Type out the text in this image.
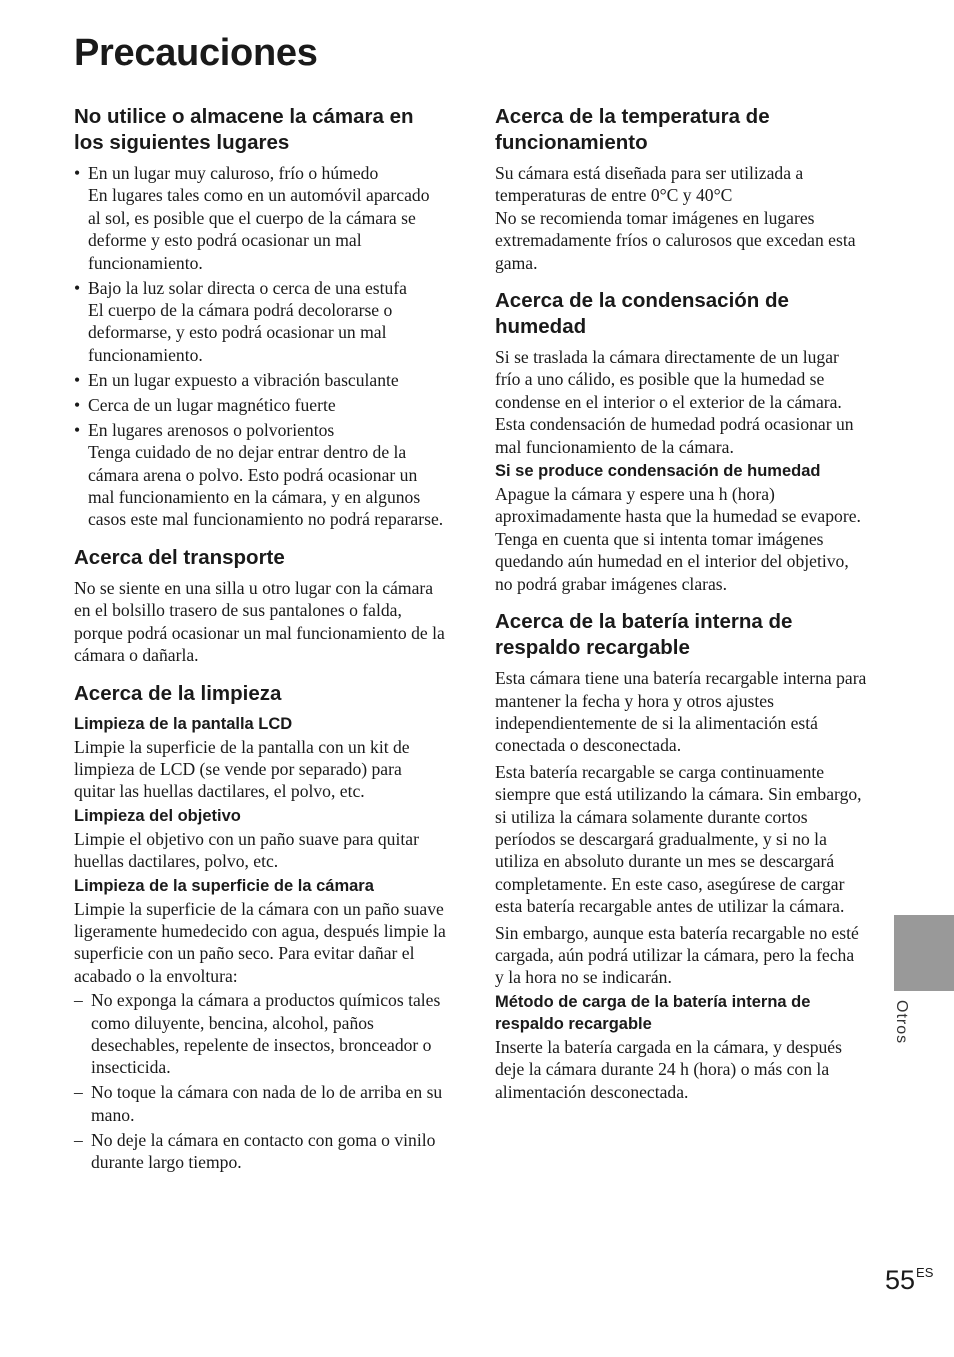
Precauciones
No utilice o almacene la cámara en los siguientes lugares
• En un lugar muy caluroso, frío o húmedo
En lugares tales como en un automóvil aparcado al sol, es posible que el cuerpo de la cámara se deforme y esto podrá ocasionar un mal funcionamiento.
• Bajo la luz solar directa o cerca de una estufa
El cuerpo de la cámara podrá decolorarse o deformarse, y esto podrá ocasionar un mal funcionamiento.
• En un lugar expuesto a vibración basculante
• Cerca de un lugar magnético fuerte
• En lugares arenosos o polvorientos
Tenga cuidado de no dejar entrar dentro de la cámara arena o polvo. Esto podrá ocasionar un mal funcionamiento en la cámara, y en algunos casos este mal funcionamiento no podrá repararse.
Acerca del transporte

No se siente en una silla u otro lugar con la cámara en el bolsillo trasero de sus pantalones o falda, porque podrá ocasionar un mal funcionamiento de la cámara o dañarla.

Acerca de la limpieza
Limpieza de la pantalla LCD

Limpie la superficie de la pantalla con un kit de limpieza de LCD (se vende por separado) para quitar las huellas dactilares, el polvo, etc.

Limpieza del objetivo

Limpie el objetivo con un paño suave para quitar huellas dactilares, polvo, etc.

Limpieza de la superficie de la cámara

Limpie la superficie de la cámara con un paño suave ligeramente humedecido con agua, después limpie la superficie con un paño seco. Para evitar dañar el acabado o la envoltura:

– No exponga la cámara a productos químicos tales como diluyente, bencina, alcohol, paños desechables, repelente de insectos, bronceador o insecticida.
– No toque la cámara con nada de lo de arriba en su mano.
– No deje la cámara en contacto con goma o vinilo durante largo tiempo.
Acerca de la temperatura de funcionamiento

Su cámara está diseñada para ser utilizada a temperaturas de entre 0°C y 40°C
No se recomienda tomar imágenes en lugares extremadamente fríos o calurosos que excedan esta gama.

Acerca de la condensación de humedad

Si se traslada la cámara directamente de un lugar frío a uno cálido, es posible que la humedad se condense en el interior o el exterior de la cámara. Esta condensación de humedad podrá ocasionar un mal funcionamiento de la cámara.

Si se produce condensación de humedad

Apague la cámara y espere una h (hora) aproximadamente hasta que la humedad se evapore. Tenga en cuenta que si intenta tomar imágenes quedando aún humedad en el interior del objetivo, no podrá grabar imágenes claras.

Acerca de la batería interna de respaldo recargable

Esta cámara tiene una batería recargable interna para mantener la fecha y hora y otros ajustes independientemente de si la alimentación está conectada o desconectada.

Esta batería recargable se carga continuamente siempre que está utilizando la cámara. Sin embargo, si utiliza la cámara solamente durante cortos períodos se descargará gradualmente, y si no la utiliza en absoluto durante un mes se descargará completamente. En este caso, asegúrese de cargar esta batería recargable antes de utilizar la cámara.

Sin embargo, aunque esta batería recargable no esté cargada, aún podrá utilizar la cámara, pero la fecha y la hora no se indicarán.

Método de carga de la batería interna de respaldo recargable

Inserte la batería cargada en la cámara, y después deje la cámara durante 24 h (hora) o más con la alimentación desconectada.

Otros
$55^{ES}$
